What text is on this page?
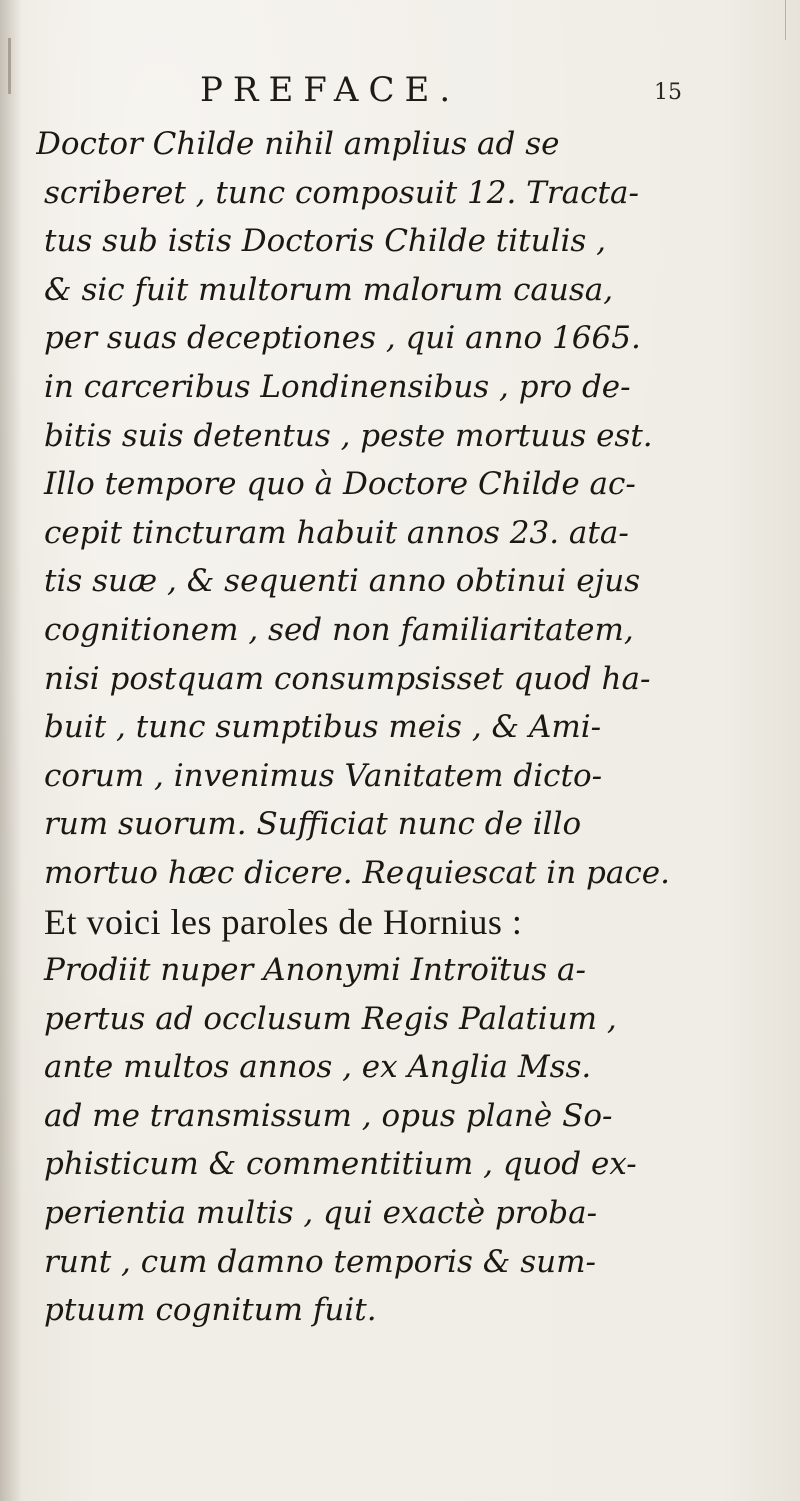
PREFACE.	15
Doctor Childe nihil amplius ad se
scriberet , tunc composuit 12. Tracta-
tus sub istis Doctoris Childe titulis ,
& sic fuit multorum malorum causa,
per suas deceptiones , qui anno 1665.
in carceribus Londinensibus , pro de-
bitis suis detentus , peste mortuus est.
Illo tempore quo à Doctore Childe ac-
cepit tincturam habuit annos 23. ata-
tis suæ , & sequenti anno obtinui ejus
cognitionem , sed non familiaritatem,
nisi postquam consumpsisset quod ha-
buit , tunc sumptibus meis , & Ami-
corum , invenimus Vanitatem dicto-
rum suorum. Sufficiat nunc de illo
mortuo hæc dicere. Requiescat in pace.
Et voici les paroles de Hornius :
Prodiit nuper Anonymi Introïtus a-
pertus ad occlusum Regis Palatium ,
ante multos annos , ex Anglia Mss.
ad me transmissum , opus planè So-
phisticum & commentitium , quod ex-
perientia multis , qui exactè proba-
runt , cum damno temporis & sum-
ptuum cognitum fuit.
